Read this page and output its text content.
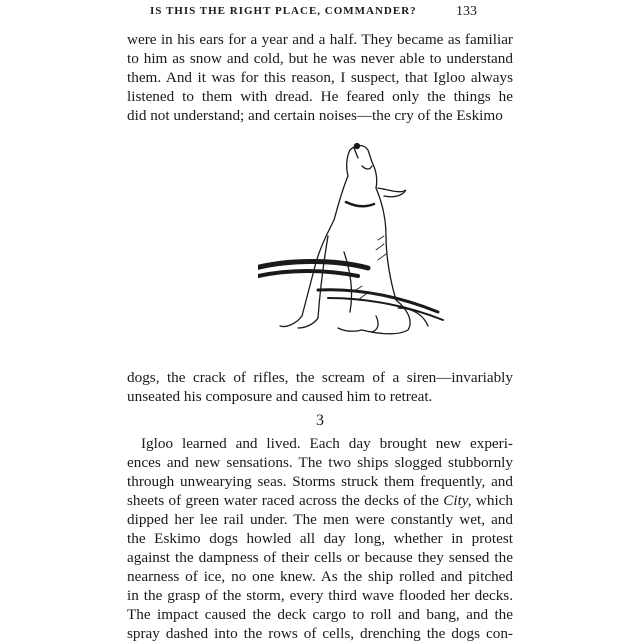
IS THIS THE RIGHT PLACE, COMMANDER?	133
were in his ears for a year and a half. They became as familiar
to him as snow and cold, but he was never able to understand
them. And it was for this reason, I suspect, that Igloo always
listened to them with dread. He feared only the things he
did not understand; and certain noises—the cry of the Eskimo
dogs, the crack of rifles, the scream of a siren—invariably
unseated his composure and caused him to retreat.
3
Igloo learned and lived. Each day brought new experi-
ences and new sensations. The two ships slogged stubbornly
through unwearying seas. Storms struck them frequently, and
sheets of green water raced across the decks of the City, which
dipped her lee rail under. The men were constantly wet, and
the Eskimo dogs howled all day long, whether in protest
against the dampness of their cells or because they sensed the
nearness of ice, no one knew. As the ship rolled and pitched
in the grasp of the storm, every third wave flooded her decks.
The impact caused the deck cargo to roll and bang, and the
spray dashed into the rows of cells, drenching the dogs con-
